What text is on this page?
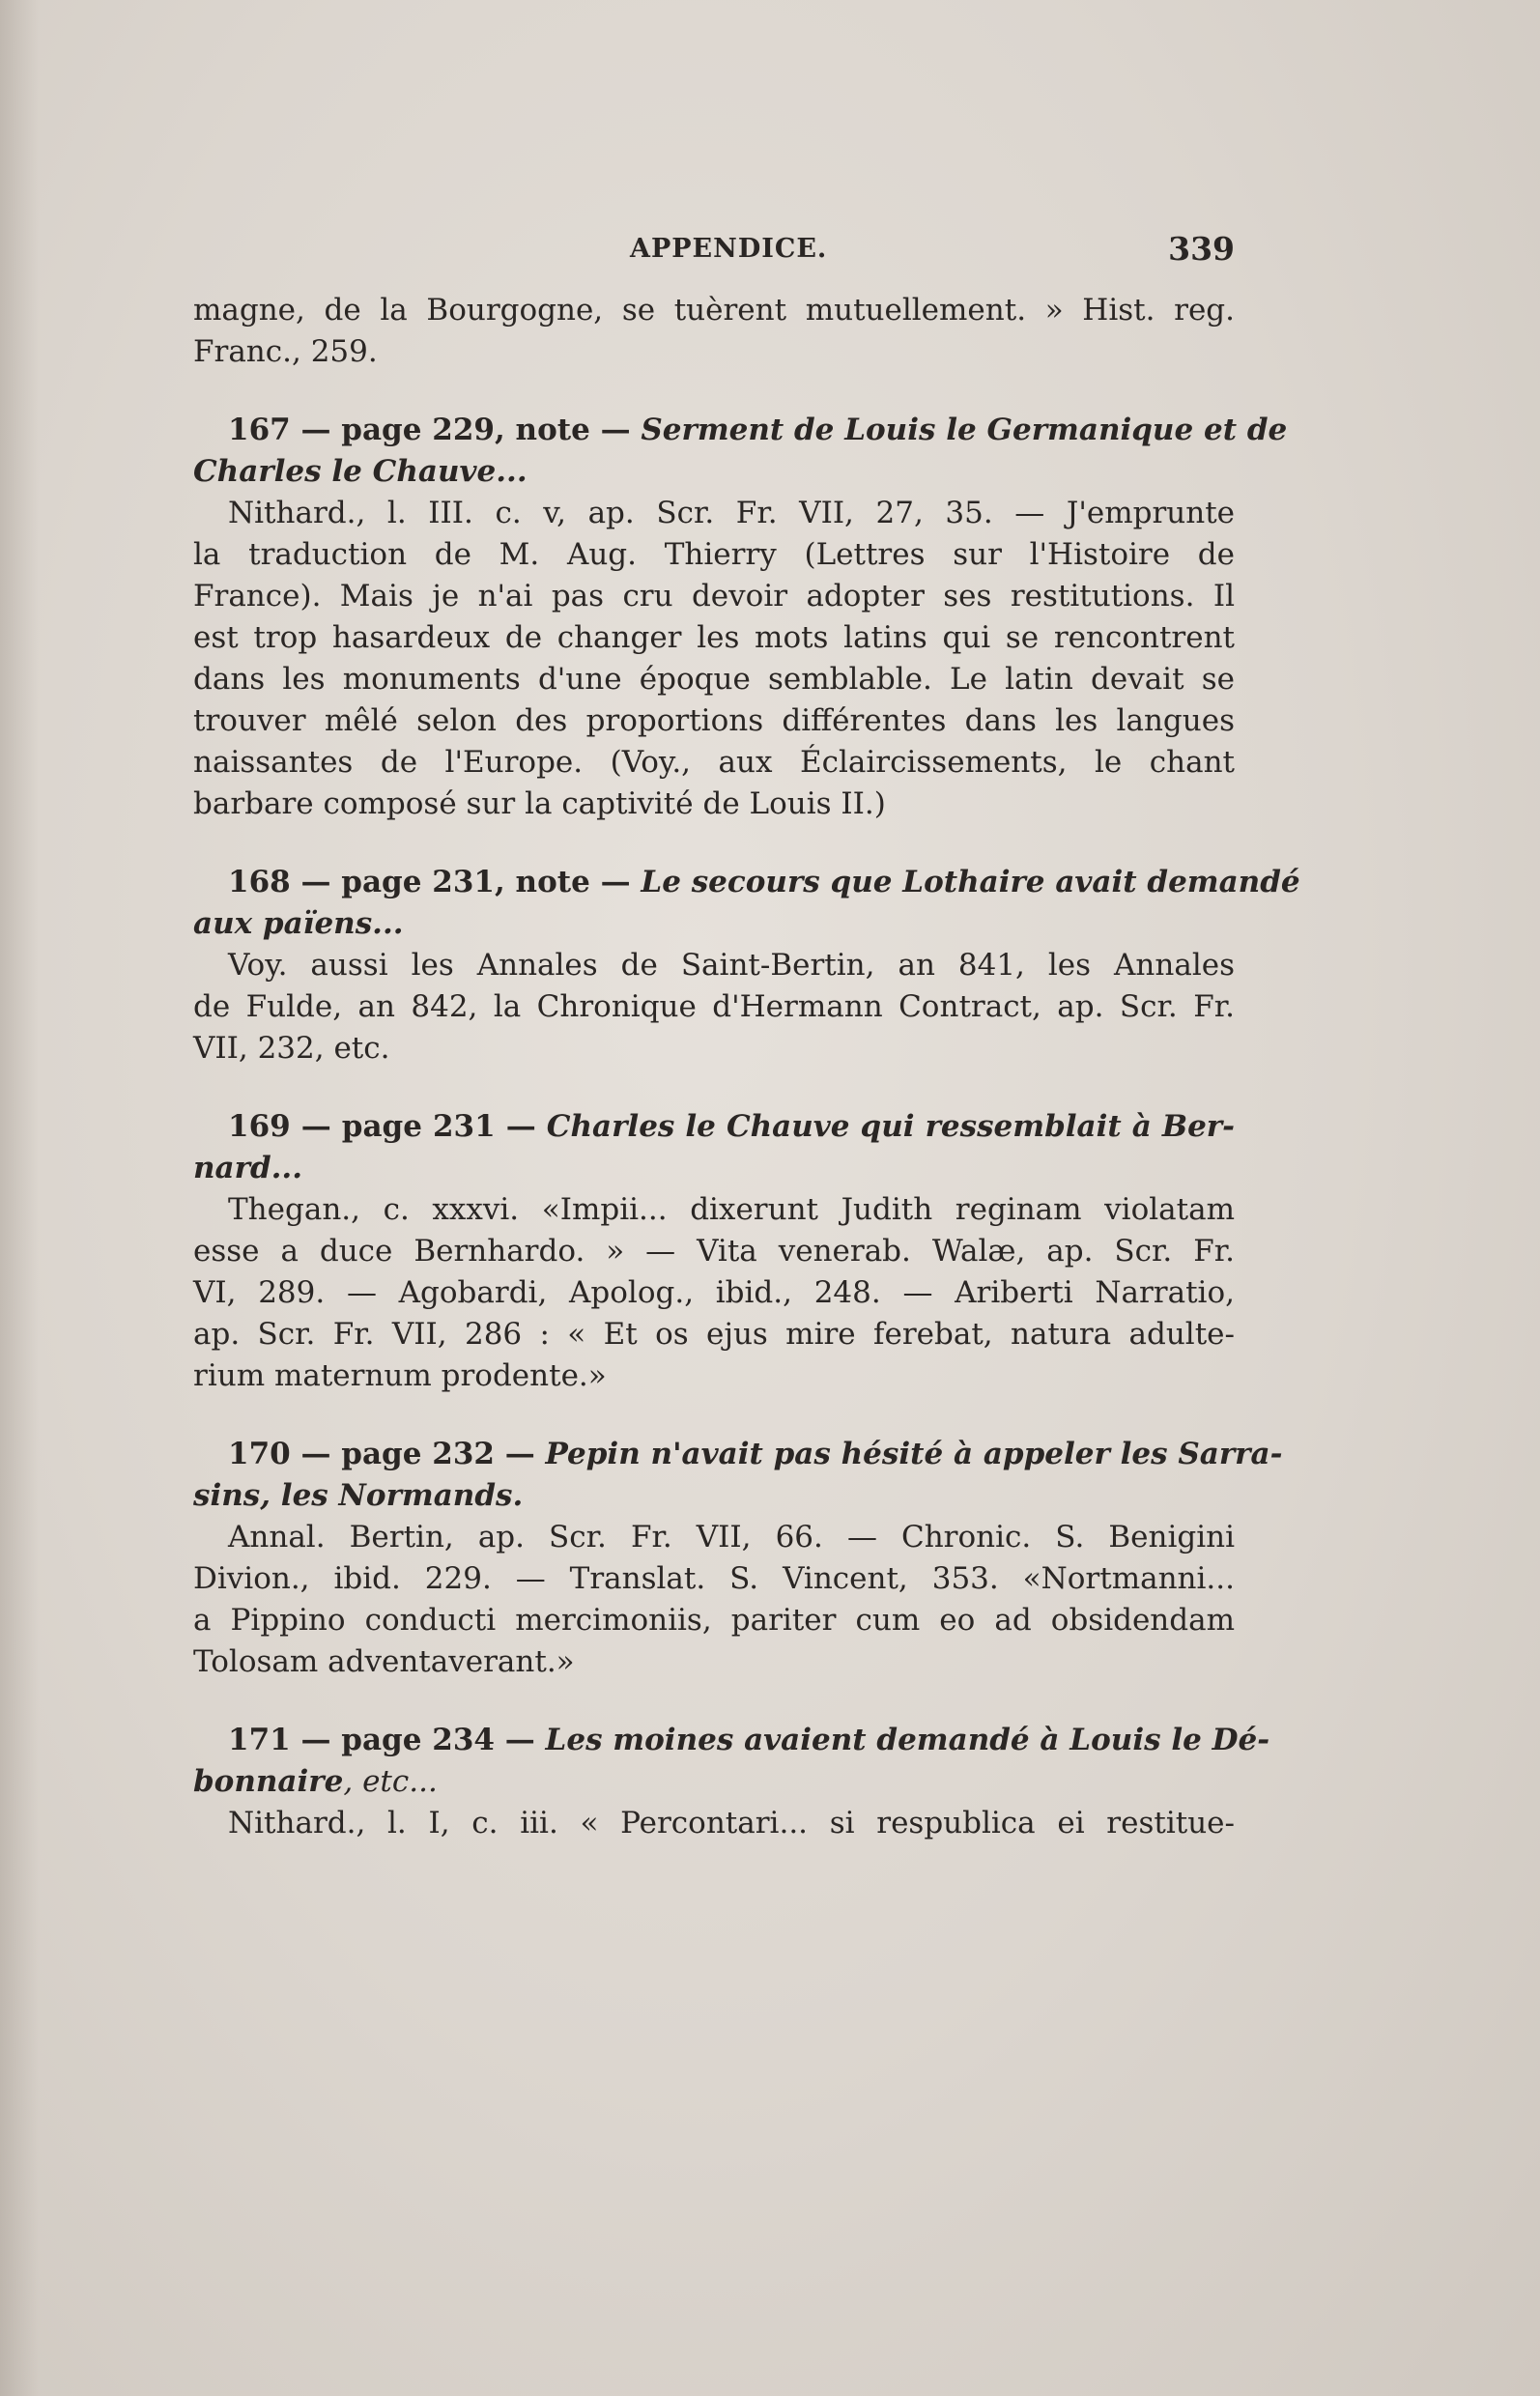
APPENDICE.	339
magne, de la Bourgogne, se tuèrent mutuellement. » Hist. reg.
Franc., 259.
167 — page 229, note — Serment de Louis le Germanique et de
Charles le Chauve...
Nithard., l. III. c. v, ap. Scr. Fr. VII, 27, 35. — J'emprunte
la traduction de M. Aug. Thierry (Lettres sur l'Histoire de
France). Mais je n'ai pas cru devoir adopter ses restitutions. Il
est trop hasardeux de changer les mots latins qui se rencontrent
dans les monuments d'une époque semblable. Le latin devait se
trouver mêlé selon des proportions différentes dans les langues
naissantes de l'Europe. (Voy., aux Éclaircissements, le chant
barbare composé sur la captivité de Louis II.)
168 — page 231, note — Le secours que Lothaire avait demandé
aux païens...
Voy. aussi les Annales de Saint-Bertin, an 841, les Annales
de Fulde, an 842, la Chronique d'Hermann Contract, ap. Scr. Fr.
VII, 232, etc.
169 — page 231 — Charles le Chauve qui ressemblait à Ber-
nard...
Thegan., c. xxxvi. «Impii... dixerunt Judith reginam violatam
esse a duce Bernhardo. » — Vita venerab. Walæ, ap. Scr. Fr.
VI, 289. — Agobardi, Apolog., ibid., 248. — Ariberti Narratio,
ap. Scr. Fr. VII, 286 : « Et os ejus mire ferebat, natura adulte-
rium maternum prodente.»
170 — page 232 — Pepin n'avait pas hésité à appeler les Sarra-
sins, les Normands.
Annal. Bertin, ap. Scr. Fr. VII, 66. — Chronic. S. Benigini
Divion., ibid. 229. — Translat. S. Vincent, 353. «Nortmanni...
a Pippino conducti mercimoniis, pariter cum eo ad obsidendam
Tolosam adventaverant.»
171 — page 234 — Les moines avaient demandé à Louis le Dé-
bonnaire, etc...
Nithard., l. I, c. iii. « Percontari... si respublica ei restitue-
